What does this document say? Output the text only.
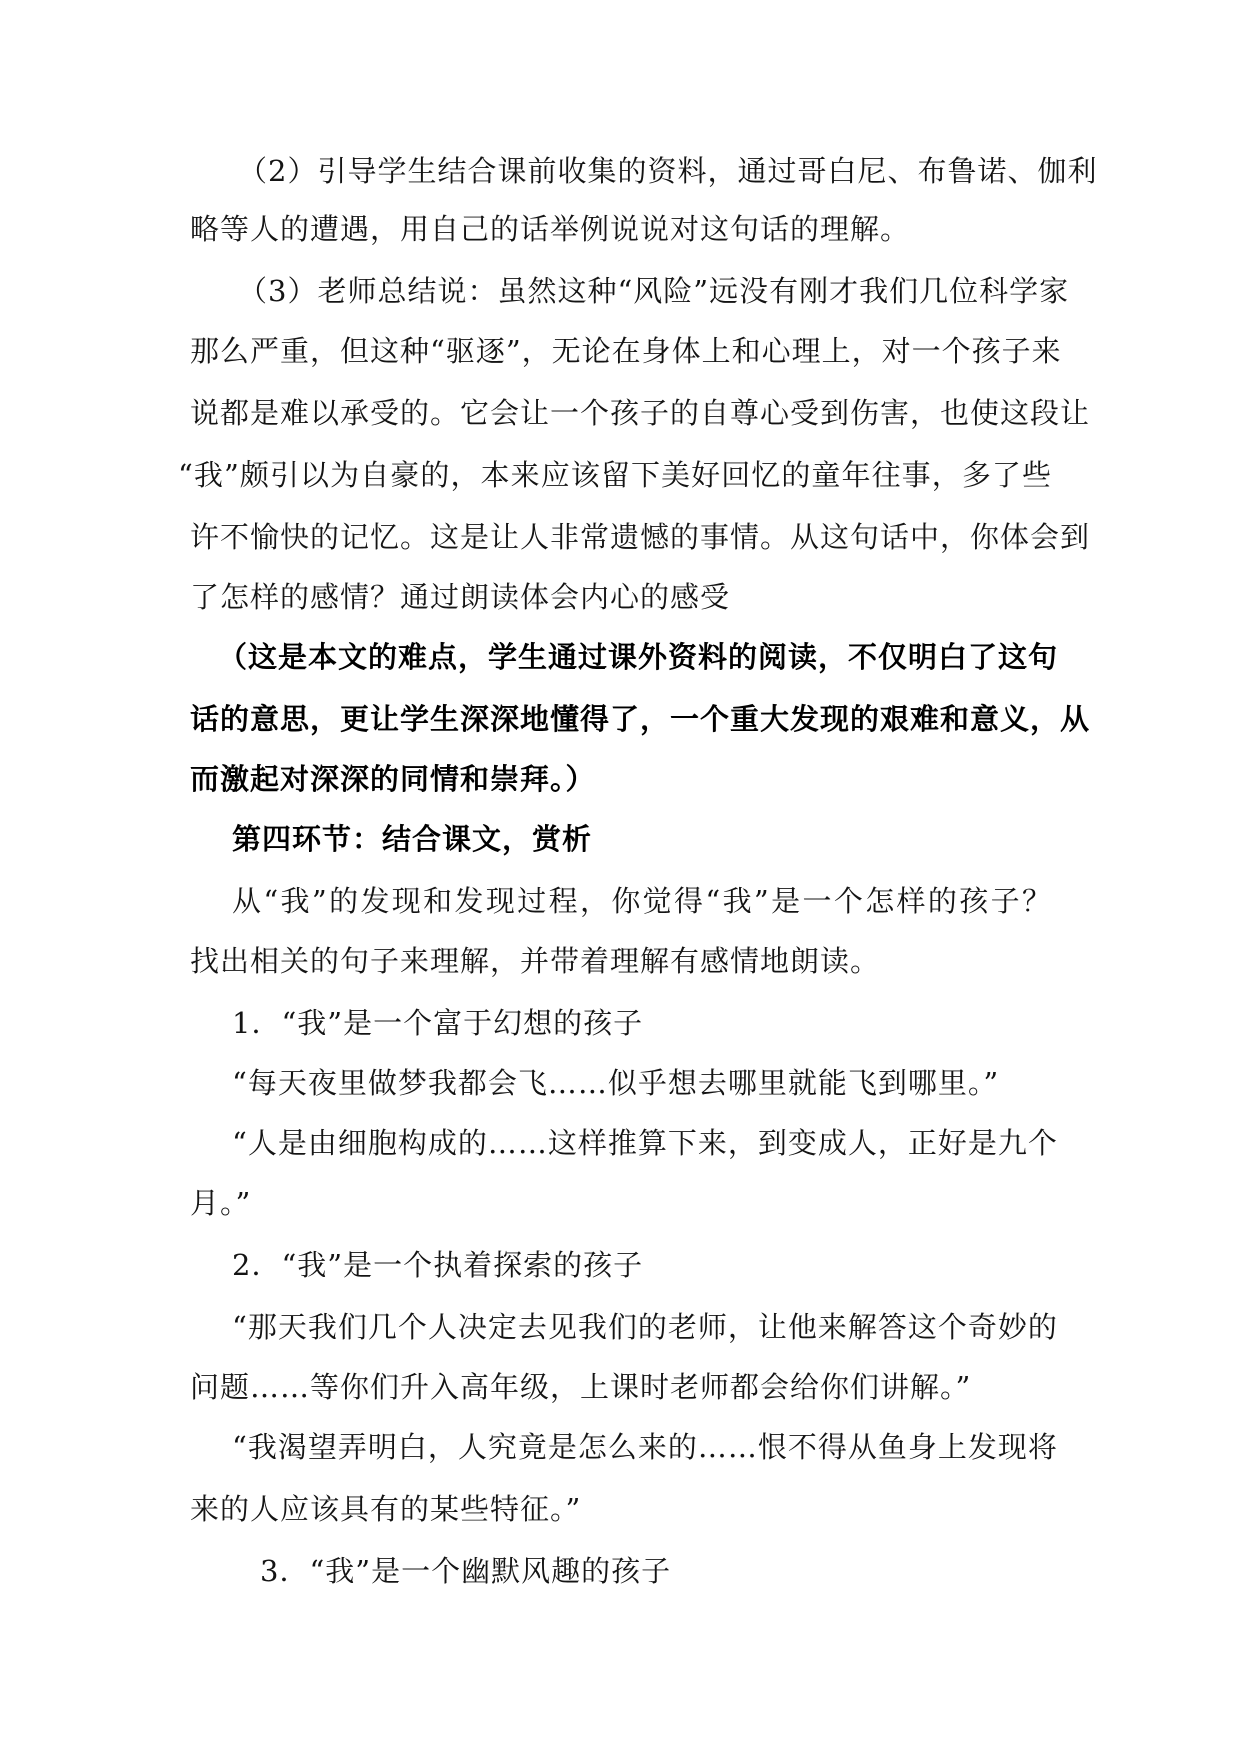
（2）引导学生结合课前收集的资料，通过哥白尼、布鲁诺、伽利
略等人的遭遇，用自己的话举例说说对这句话的理解。
（3）老师总结说：虽然这种“风险”远没有刚才我们几位科学家
那么严重，但这种“驱逐”，无论在身体上和心理上，对一个孩子来
说都是难以承受的。它会让一个孩子的自尊心受到伤害，也使这段让
“我”颇引以为自豪的，本来应该留下美好回忆的童年往事，多了些
许不愉快的记忆。这是让人非常遗憾的事情。从这句话中，你体会到
了怎样的感情？通过朗读体会内心的感受
（这是本文的难点，学生通过课外资料的阅读，不仅明白了这句
话的意思，更让学生深深地懂得了，一个重大发现的艰难和意义，从
而激起对深深的同情和崇拜。）
第四环节：结合课文，赏析
从“我”的发现和发现过程，你觉得“我”是一个怎样的孩子？
找出相关的句子来理解，并带着理解有感情地朗读。
1．“我”是一个富于幻想的孩子
“每天夜里做梦我都会飞……似乎想去哪里就能飞到哪里。”
“人是由细胞构成的……这样推算下来，到变成人，正好是九个
月。”
2．“我”是一个执着探索的孩子
“那天我们几个人决定去见我们的老师，让他来解答这个奇妙的
问题……等你们升入高年级，上课时老师都会给你们讲解。”
“我渴望弄明白，人究竟是怎么来的……恨不得从鱼身上发现将
来的人应该具有的某些特征。”
3．“我”是一个幽默风趣的孩子
